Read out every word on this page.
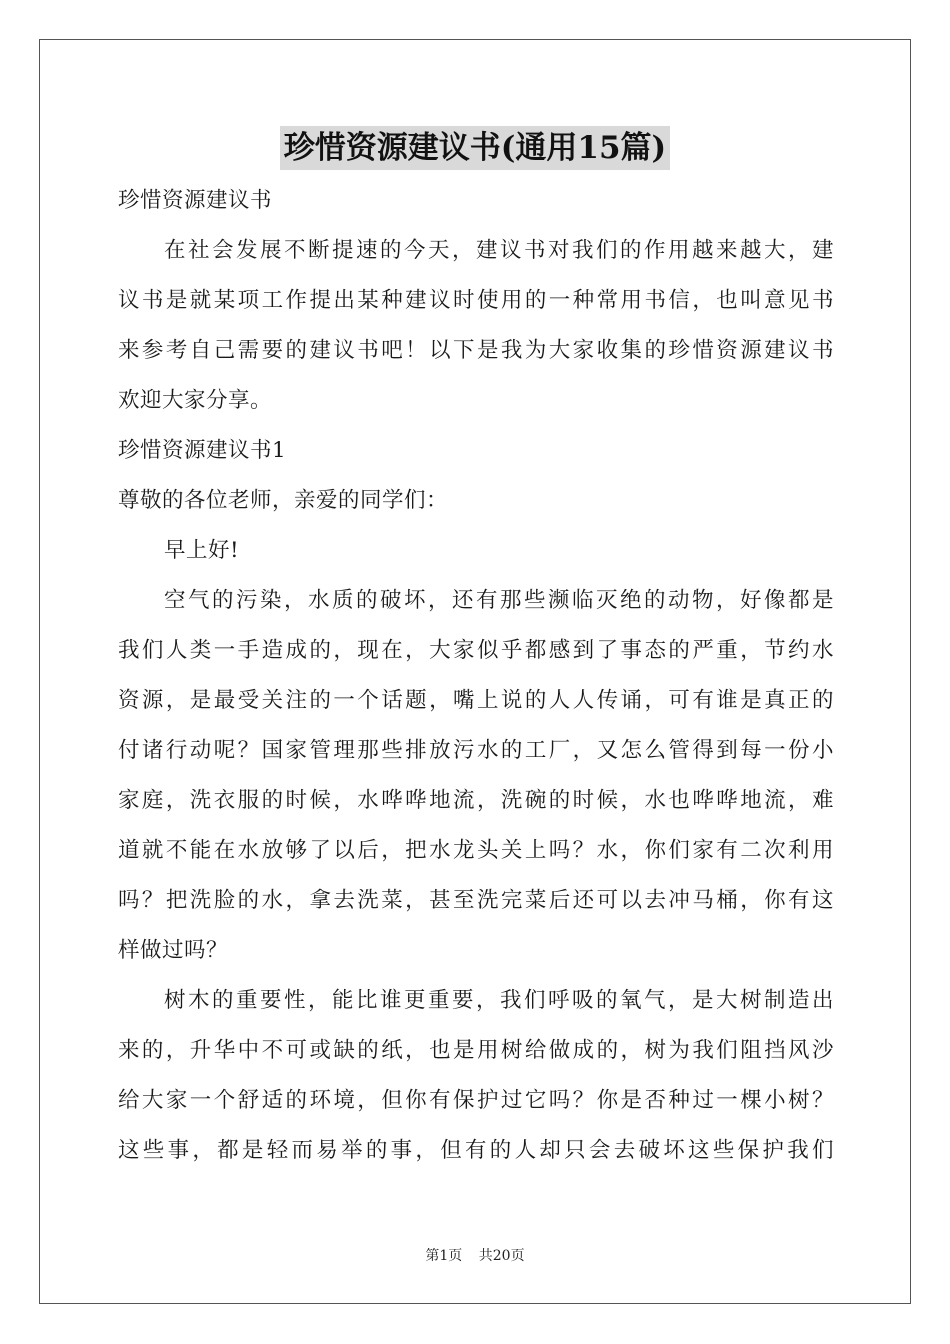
珍惜资源建议书(通用15篇)
珍惜资源建议书
在社会发展不断提速的今天，建议书对我们的作用越来越大，建
议书是就某项工作提出某种建议时使用的一种常用书信，也叫意见书
来参考自己需要的建议书吧！以下是我为大家收集的珍惜资源建议书
欢迎大家分享。
珍惜资源建议书1
尊敬的各位老师，亲爱的同学们：
早上好!
空气的污染，水质的破坏，还有那些濒临灭绝的动物，好像都是
我们人类一手造成的，现在，大家似乎都感到了事态的严重，节约水
资源，是最受关注的一个话题，嘴上说的人人传诵，可有谁是真正的
付诸行动呢？国家管理那些排放污水的工厂，又怎么管得到每一份小
家庭，洗衣服的时候，水哗哗地流，洗碗的时候，水也哗哗地流，难
道就不能在水放够了以后，把水龙头关上吗？水，你们家有二次利用
吗？把洗脸的水，拿去洗菜，甚至洗完菜后还可以去冲马桶，你有这
样做过吗？
树木的重要性，能比谁更重要，我们呼吸的氧气，是大树制造出
来的，升华中不可或缺的纸，也是用树给做成的，树为我们阻挡风沙
给大家一个舒适的环境，但你有保护过它吗？你是否种过一棵小树？
这些事，都是轻而易举的事，但有的人却只会去破坏这些保护我们
第1页 共20页
